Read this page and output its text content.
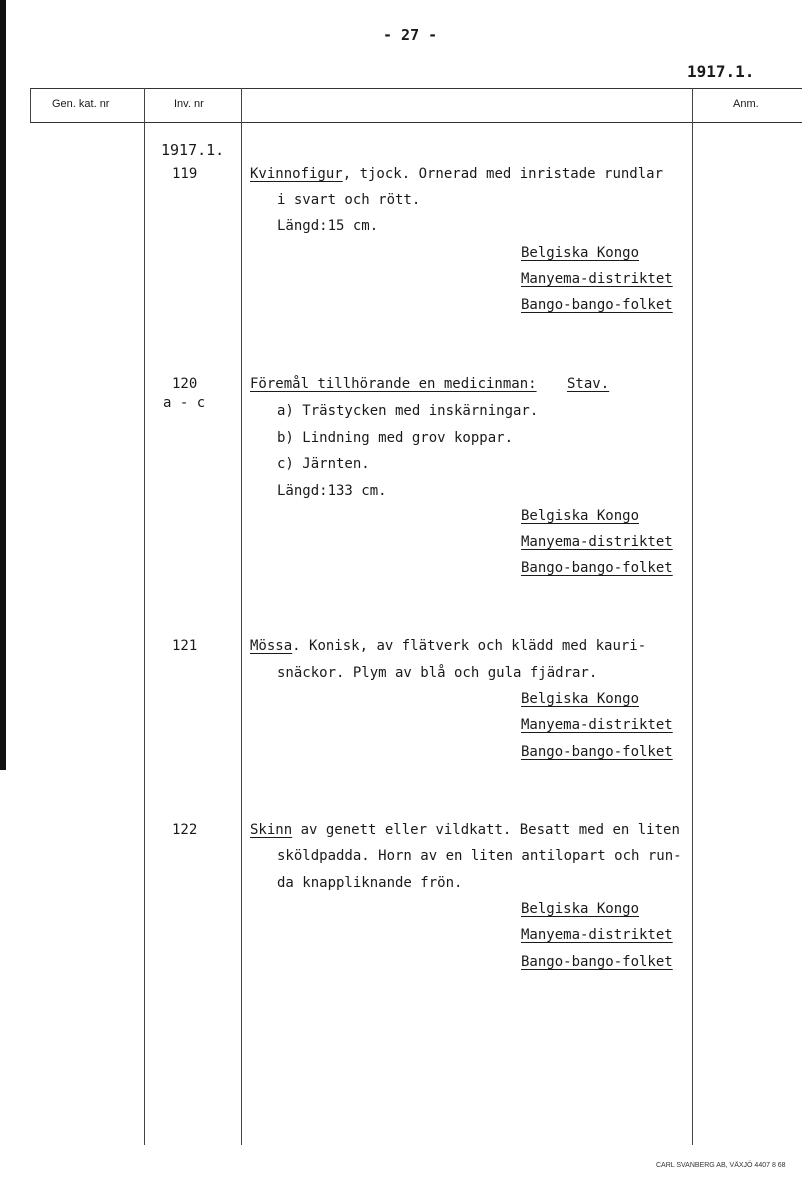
- 27 -
1917.1.
Gen. kat. nr	Inv. nr	Anm.
1917.1.
119	Kvinnofigur, tjock. Ornerad med inristade rundlar
i svart och rött.
Längd:15 cm.
Belgiska Kongo
Manyema-distriktet
Bango-bango-folket
120
a - c
Föremål tillhörande en medicinman: Stav.
a) Trästycken med inskärningar.
b) Lindning med grov koppar.
c) Järnten.
Längd:133 cm.
Belgiska Kongo
Manyema-distriktet
Bango-bango-folket
121	Mössa. Konisk, av flätverk och klädd med kauri-
snäckor. Plym av blå och gula fjädrar.
Belgiska Kongo
Manyema-distriktet
Bango-bango-folket
122	Skinn av genett eller vildkatt. Besatt med en liten
sköldpadda. Horn av en liten antilopart och run-
da knappliknande frön.
Belgiska Kongo
Manyema-distriktet
Bango-bango-folket
CARL SVANBERG AB, VÄXJÖ 4407 8 68
